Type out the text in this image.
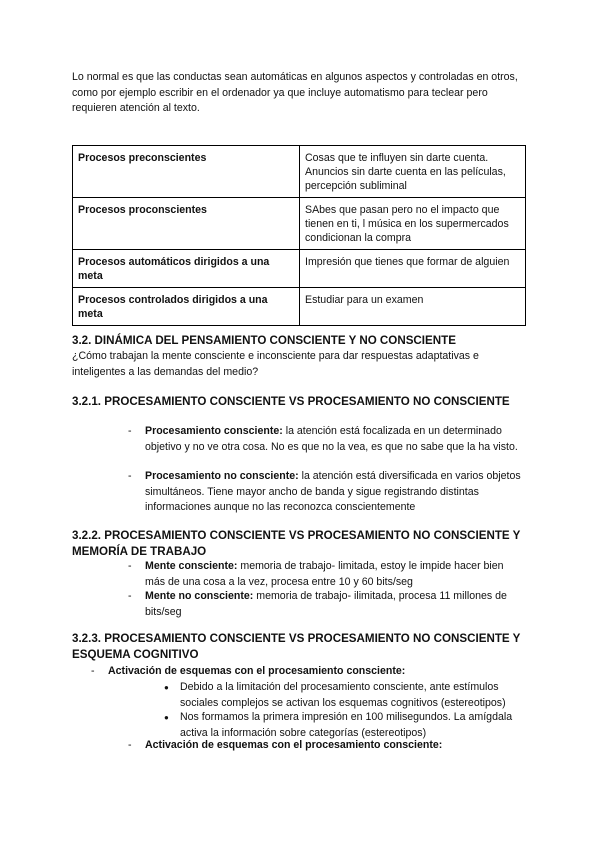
Lo normal es que las conductas sean automáticas en algunos aspectos y controladas en otros, como por ejemplo escribir en el ordenador ya que incluye automatismo para teclear pero requieren atención al texto.
Procesos preconscientes	Cosas que te influyen sin darte cuenta. Anuncios sin darte cuenta en las películas, percepción subliminal
Procesos proconscientes	SAbes que pasan pero no el impacto que tienen en ti, l música en los supermercados condicionan la compra
Procesos automáticos dirigidos a una meta	Impresión que tienes que formar de alguien
Procesos controlados dirigidos a una meta	Estudiar para un examen
3.2. DINÁMICA DEL PENSAMIENTO CONSCIENTE Y NO CONSCIENTE
¿Cómo trabajan la mente consciente e inconsciente para dar respuestas adaptativas e inteligentes a las demandas del medio?
3.2.1. PROCESAMIENTO CONSCIENTE VS PROCESAMIENTO NO CONSCIENTE
- Procesamiento consciente: la atención está focalizada en un determinado objetivo y no ve otra cosa. No es que no la vea, es que no sabe que la ha visto.
- Procesamiento no consciente: la atención está diversificada en varios objetos simultáneos. Tiene mayor ancho de banda y sigue registrando distintas informaciones aunque no las reconozca conscientemente
3.2.2. PROCESAMIENTO CONSCIENTE VS PROCESAMIENTO NO CONSCIENTE Y MEMORÍA DE TRABAJO
- Mente consciente: memoria de trabajo- limitada, estoy le impide hacer bien más de una cosa a la vez, procesa entre 10 y 60 bits/seg
- Mente no consciente: memoria de trabajo- ilimitada, procesa 11 millones de bits/seg
3.2.3. PROCESAMIENTO CONSCIENTE VS PROCESAMIENTO NO CONSCIENTE Y ESQUEMA COGNITIVO
- Activación de esquemas con el procesamiento consciente:
● Debido a la limitación del procesamiento consciente, ante estímulos sociales complejos se activan los esquemas cognitivos (estereotipos)
● Nos formamos la primera impresión en 100 milisegundos. La amígdala activa la información sobre categorías (estereotipos)
- Activación de esquemas con el procesamiento consciente:
